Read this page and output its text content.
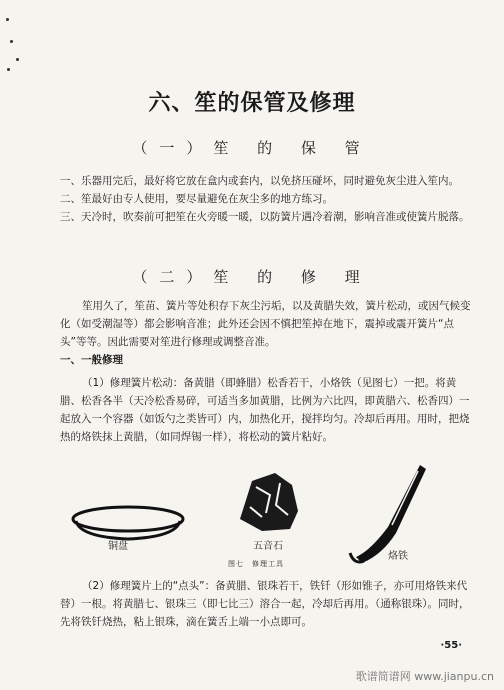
六、笙的保管及修理
（一）笙 的 保 管
一、乐器用完后，最好将它放在盒内或套内，以免挤压碰坏，同时避免灰尘进入笙内。
二、笙最好由专人使用，要尽量避免在灰尘多的地方练习。
三、天冷时，吹奏前可把笙在火旁暖一暖，以防簧片遇冷着潮，影响音准或使簧片脱落。
（二）笙 的 修 理
笙用久了，笙苗、簧片等处积存下灰尘污垢，以及黄腊失效，簧片松动，或因气候变化（如受潮湿等）都会影响音准；此外还会因不慎把笙掉在地下，震掉或震开簧片“点头”等等。因此需要对笙进行修理或调整音准。
一、一般修理
（1）修理簧片松动：备黄腊（即蜂腊）松香若干，小烙铁（见图七）一把。将黄腊、松香各半（天冷松香易碎，可适当多加黄腊，比例为六比四，即黄腊六、松香四）一起放入一个容器（如饭勺之类皆可）内，加热化开，搅拌均匀。冷却后再用。用时，把烧热的烙铁抹上黄腊，（如同焊锡一样），将松动的簧片粘好。
铜盘	五音石
烙铁
图七　修理工具
（2）修理簧片上的“点头”：备黄腊、银珠若干，铁钎（形如锥子，亦可用烙铁来代替）一根。将黄腊七、银珠三（即七比三）溶合一起，冷却后再用。（通称银珠）。同时，先将铁钎烧热，粘上银珠，滴在簧舌上端一小点即可。
·55·
歌谱简谱网 www.jianpu.cn
